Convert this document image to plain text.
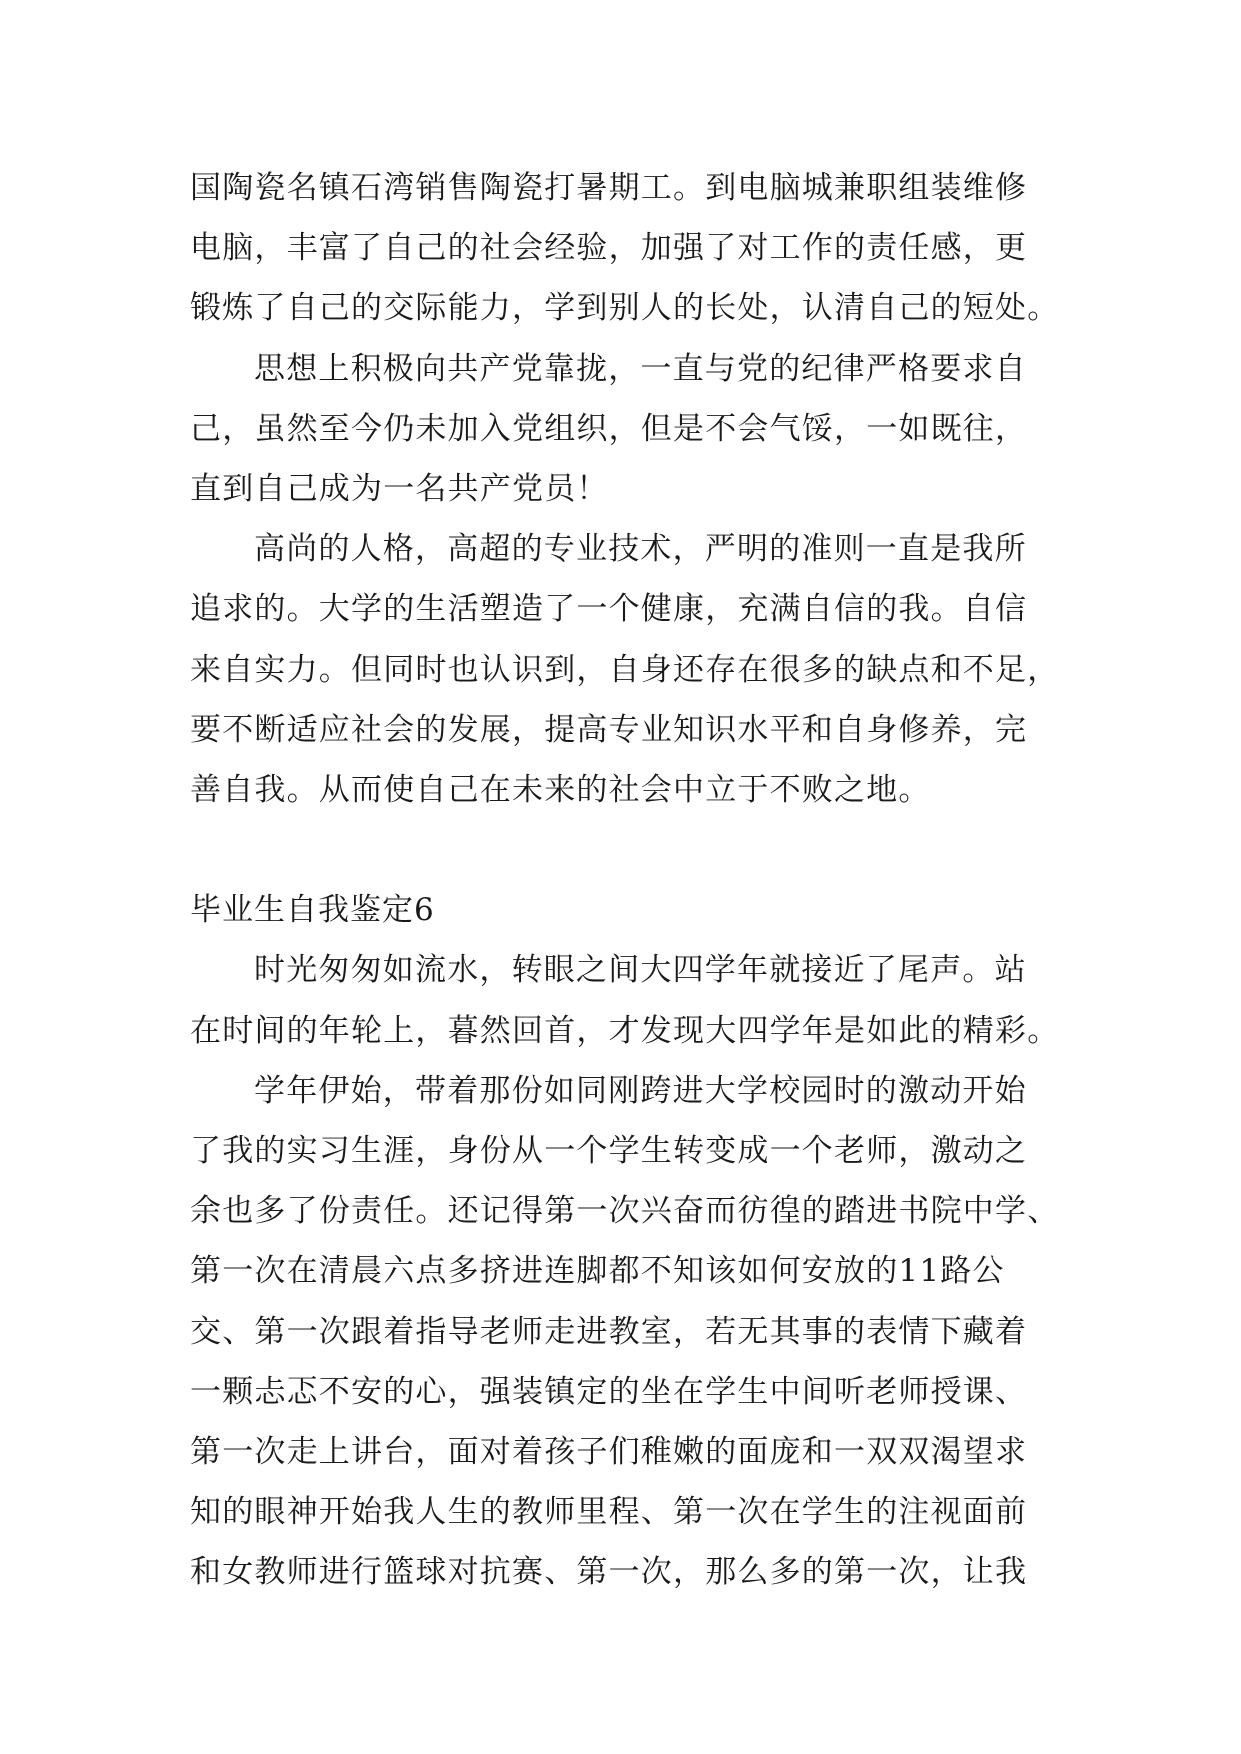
国陶瓷名镇石湾销售陶瓷打暑期工。到电脑城兼职组装维修
电脑，丰富了自己的社会经验，加强了对工作的责任感，更
锻炼了自己的交际能力，学到别人的长处，认清自己的短处。

思想上积极向共产党靠拢，一直与党的纪律严格要求自
己，虽然至今仍未加入党组织，但是不会气馁，一如既往，
直到自己成为一名共产党员！

高尚的人格，高超的专业技术，严明的准则一直是我所
追求的。大学的生活塑造了一个健康，充满自信的我。自信
来自实力。但同时也认识到，自身还存在很多的缺点和不足，
要不断适应社会的发展，提高专业知识水平和自身修养，完
善自我。从而使自己在未来的社会中立于不败之地。

毕业生自我鉴定6

时光匆匆如流水，转眼之间大四学年就接近了尾声。站
在时间的年轮上，暮然回首，才发现大四学年是如此的精彩。

学年伊始，带着那份如同刚跨进大学校园时的激动开始
了我的实习生涯，身份从一个学生转变成一个老师，激动之
余也多了份责任。还记得第一次兴奋而彷徨的踏进书院中学、
第一次在清晨六点多挤进连脚都不知该如何安放的11路公
交、第一次跟着指导老师走进教室，若无其事的表情下藏着
一颗忐忑不安的心，强装镇定的坐在学生中间听老师授课、
第一次走上讲台，面对着孩子们稚嫩的面庞和一双双渴望求
知的眼神开始我人生的教师里程、第一次在学生的注视面前
和女教师进行篮球对抗赛、第一次，那么多的第一次，让我
